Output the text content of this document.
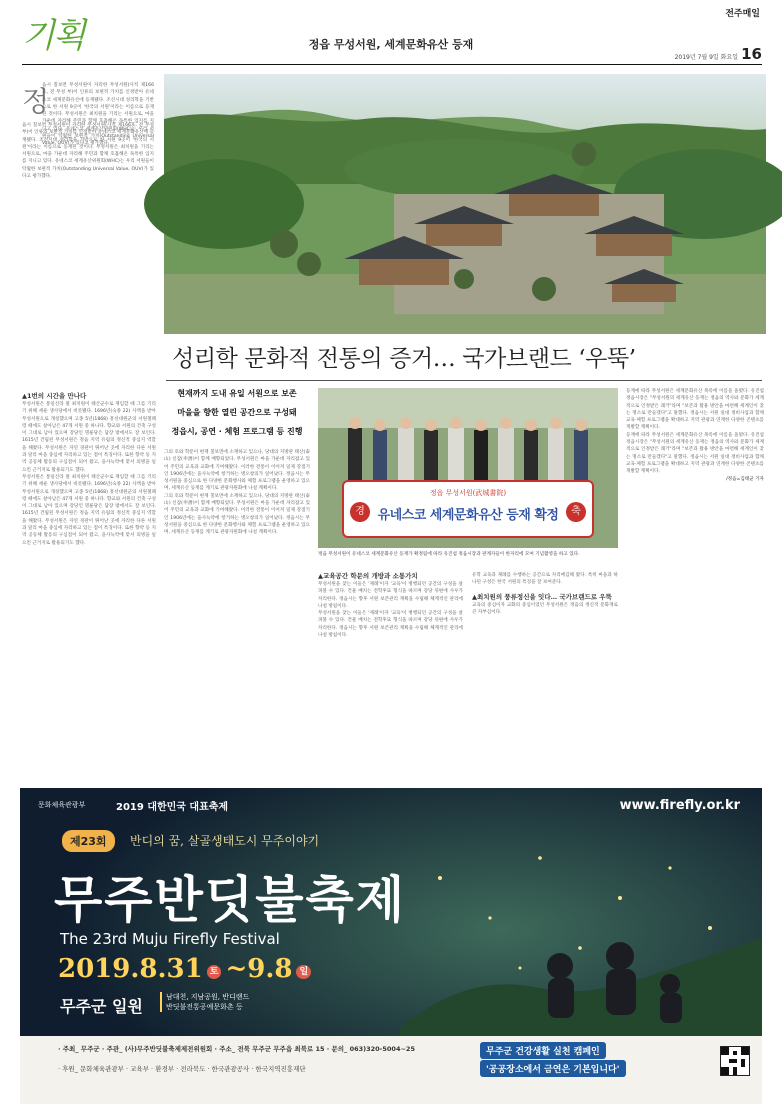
기획
전주매일
정읍 무성서원, 세계문화유산 등재
2019년 7월 9일 화요일 16
정
읍시 칠보면 무성서원이 자리한 무성서원(사적 제166호, 전 무성 부)이 인류의 보편적 가치를 인정받아 유네스코 세계문화유산에 등재됐다. 조선시대 성리학을 기반으로 한 서원 9곳이 '한국의 서원'이라는 이름으로 등재된 것이다. 무성서원은 최치원을 기리는 서원으로, 마을 가운데 자리해 주민과 함께 호흡해온 독특한 입지를 지니고 있다. 유네스코 세계유산위원회(WHC)는 우리 서원들이 탁월한 보편적 가치(Outstanding Universal Value, OUV)가 있다고 평가했다.
읍시 칠보면 무성서원이 자리한 무성서원(사적 제166호, 전 무성 부)이 인류의 보편적 가치를 인정받아 유네스코 세계문화유산에 등재됐다. 조선시대 성리학을 기반으로 한 서원 9곳이 '한국의 서원'이라는 이름으로 등재된 것이다. 무성서원은 최치원을 기리는 서원으로, 마을 가운데 자리해 주민과 함께 호흡해온 독특한 입지를 지니고 있다. 유네스코 세계유산위원회(WHC)는 우리 서원들이 탁월한 보편적 가치(Outstanding Universal Value, OUV)가 있다고 평가했다.
성리학 문화적 전통의 증거… 국가브랜드 ‘우뚝’
▲1번의 시간을 만나다
무성서원은 통일신라 말 최치원이 태산군수로 재임할 때 그를 기리기 위해 세운 생사당에서 비롯됐다. 1696년(숙종 22) 사액을 받아 무성서원으로 개칭했으며 고종 5년(1868) 흥선대원군의 서원철폐령 때에도 살아남은 47개 서원 중 하나다. 향교와 서원의 건축 구성이 그대로 남아 있으며 강당인 명륜당은 담장 밖에서도 잘 보인다. 1615년 건립된 무성서원은 정읍 지역 유림의 정신적 중심지 역할을 해왔다. 무성서원은 자연 경관이 뛰어난 곳에 자리한 다른 서원과 달리 마을 중심에 자리하고 있는 점이 특징이다. 또한 향약 등 지역 공동체 활동의 구심점이 되어 왔고, 을사늑약에 맞서 의병을 일으킨 근거지로 활용되기도 했다.
무성서원은 통일신라 말 최치원이 태산군수로 재임할 때 그를 기리기 위해 세운 생사당에서 비롯됐다. 1696년(숙종 22) 사액을 받아 무성서원으로 개칭했으며 고종 5년(1868) 흥선대원군의 서원철폐령 때에도 살아남은 47개 서원 중 하나다. 향교와 서원의 건축 구성이 그대로 남아 있으며 강당인 명륜당은 담장 밖에서도 잘 보인다. 1615년 건립된 무성서원은 정읍 지역 유림의 정신적 중심지 역할을 해왔다. 무성서원은 자연 경관이 뛰어난 곳에 자리한 다른 서원과 달리 마을 중심에 자리하고 있는 점이 특징이다. 또한 향약 등 지역 공동체 활동의 구심점이 되어 왔고, 을사늑약에 맞서 의병을 일으킨 근거지로 활용되기도 했다.
현재까지 도내 유일 서원으로 보존
마을을 향한 열린 공간으로 구성돼
정읍시, 공연 · 체험 프로그램 등 진행
그의 호와 학문이 현재 칠보면에 소재하고 있으나, 당대의 지방관 태산(泰山) 신잠(申潛)이 함께 배향되었다. 무성서원은 마을 가운데 자리잡고 있어 주민의 교육과 교화에 기여해왔다. 이러한 전통이 이어져 일제 강점기인 1906년에는 을사늑약에 항거하는 병오창의가 일어났다. 정읍시는 무성서원을 중심으로 한 다양한 문화행사와 체험 프로그램을 운영하고 있으며, 세계유산 등재를 계기로 관광자원화에 나설 계획이다.
그의 호와 학문이 현재 칠보면에 소재하고 있으나, 당대의 지방관 태산(泰山) 신잠(申潛)이 함께 배향되었다. 무성서원은 마을 가운데 자리잡고 있어 주민의 교육과 교화에 기여해왔다. 이러한 전통이 이어져 일제 강점기인 1906년에는 을사늑약에 항거하는 병오창의가 일어났다. 정읍시는 무성서원을 중심으로 한 다양한 문화행사와 체험 프로그램을 운영하고 있으며, 세계유산 등재를 계기로 관광자원화에 나설 계획이다.
정읍 무성서원(武城書院)
유네스코 세계문화유산 등재 확정
경	축
정읍 무성서원이 유네스코 세계문화유산 등재가 확정됨에 따라 유진섭 정읍시장과 관계자들이 한자리에 모여 기념촬영을 하고 있다.
▲교육공간 학문의 개방과 소통가치
무성서원을 찾는 이들은 '제례'이자 '교육'이 병행되던 공간의 구성을 살펴볼 수 있다. 건물 배치는 전학후묘 형식을 따르며 강당 뒤편에 사우가 자리한다. 정읍시는 향후 서원 보존관리 계획을 수립해 체계적인 관리에 나설 방침이다.
무성서원을 찾는 이들은 '제례'이자 '교육'이 병행되던 공간의 구성을 살펴볼 수 있다. 건물 배치는 전학후묘 형식을 따르며 강당 뒤편에 사우가 자리한다. 정읍시는 향후 서원 보존관리 계획을 수립해 체계적인 관리에 나설 방침이다.
유학 교육과 제례를 수행하는 공간으로 자리매김해 왔다. 특히 마을과 하나된 구성은 한국 서원의 특징을 잘 보여준다.
▲최치원의 풍류정신을 잇다… 국가브랜드로 우뚝
교육의 중심이자 교화의 중심이었던 무성서원은 정읍의 정신적 문화재로 큰 자부심이다.
등재에 따라 무성서원은 세계문화유산 목록에 이름을 올렸다. 유진섭 정읍시장은 "무성서원의 세계유산 등재는 정읍의 역사와 문화가 세계적으로 인정받은 쾌거"라며 "보존과 활용 방안을 마련해 세계인이 찾는 명소로 만들겠다"고 말했다. 정읍시는 서원 일대 정비사업과 함께 교육·체험 프로그램을 확대하고 지역 관광과 연계한 다양한 콘텐츠를 개발할 계획이다.
등재에 따라 무성서원은 세계문화유산 목록에 이름을 올렸다. 유진섭 정읍시장은 "무성서원의 세계유산 등재는 정읍의 역사와 문화가 세계적으로 인정받은 쾌거"라며 "보존과 활용 방안을 마련해 세계인이 찾는 명소로 만들겠다"고 말했다. 정읍시는 서원 일대 정비사업과 함께 교육·체험 프로그램을 확대하고 지역 관광과 연계한 다양한 콘텐츠를 개발할 계획이다.
/정읍=김태균 기자
문화체육관광부	2019 대한민국 대표축제	www.firefly.or.kr
제23회	반디의 꿈, 살골생태도시 무주이야기
무주반딧불축제
The 23rd Muju Firefly Festival
2019.8.31 토 ~9.8 일
무주군 일원	남대천, 지남공원, 반디랜드
반딧불전통공예문화촌 등
· 주최_ 무주군 · 주관_ (사)무주반딧불축제제전위원회 · 주소_ 전북 무주군 무주읍 최북로 15 · 문의_ 063)320-5004~25
· 후원_ 문화체육관광부 · 교육부 · 환경부 · 전라북도 · 한국관광공사 · 한국지역진흥재단
무주군 건강생활 실천 캠페인
'공공장소에서 금연은 기본입니다'
